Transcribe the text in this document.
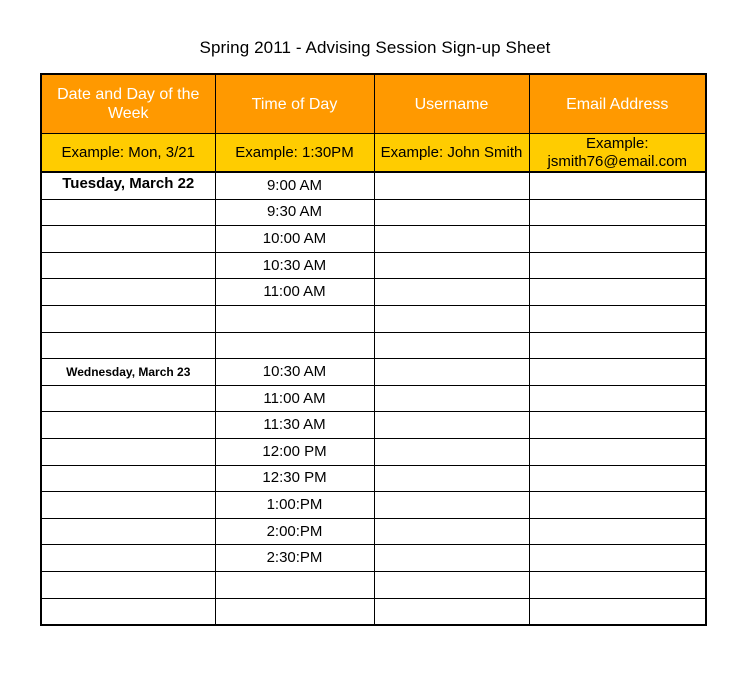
Spring 2011 - Advising Session Sign-up Sheet
Date and Day of the Week	Time of Day	Username	Email Address
Example: Mon, 3/21	Example: 1:30PM	Example: John Smith	Example:
jsmith76@email.com
Tuesday, March 22	9:00 AM		
	9:30 AM		
	10:00 AM		
	10:30 AM		
	11:00 AM		

Wednesday, March 23	10:30 AM		
	11:00 AM		
	11:30 AM		
	12:00 PM		
	12:30 PM		
	1:00:PM		
	2:00:PM		
	2:30:PM		
